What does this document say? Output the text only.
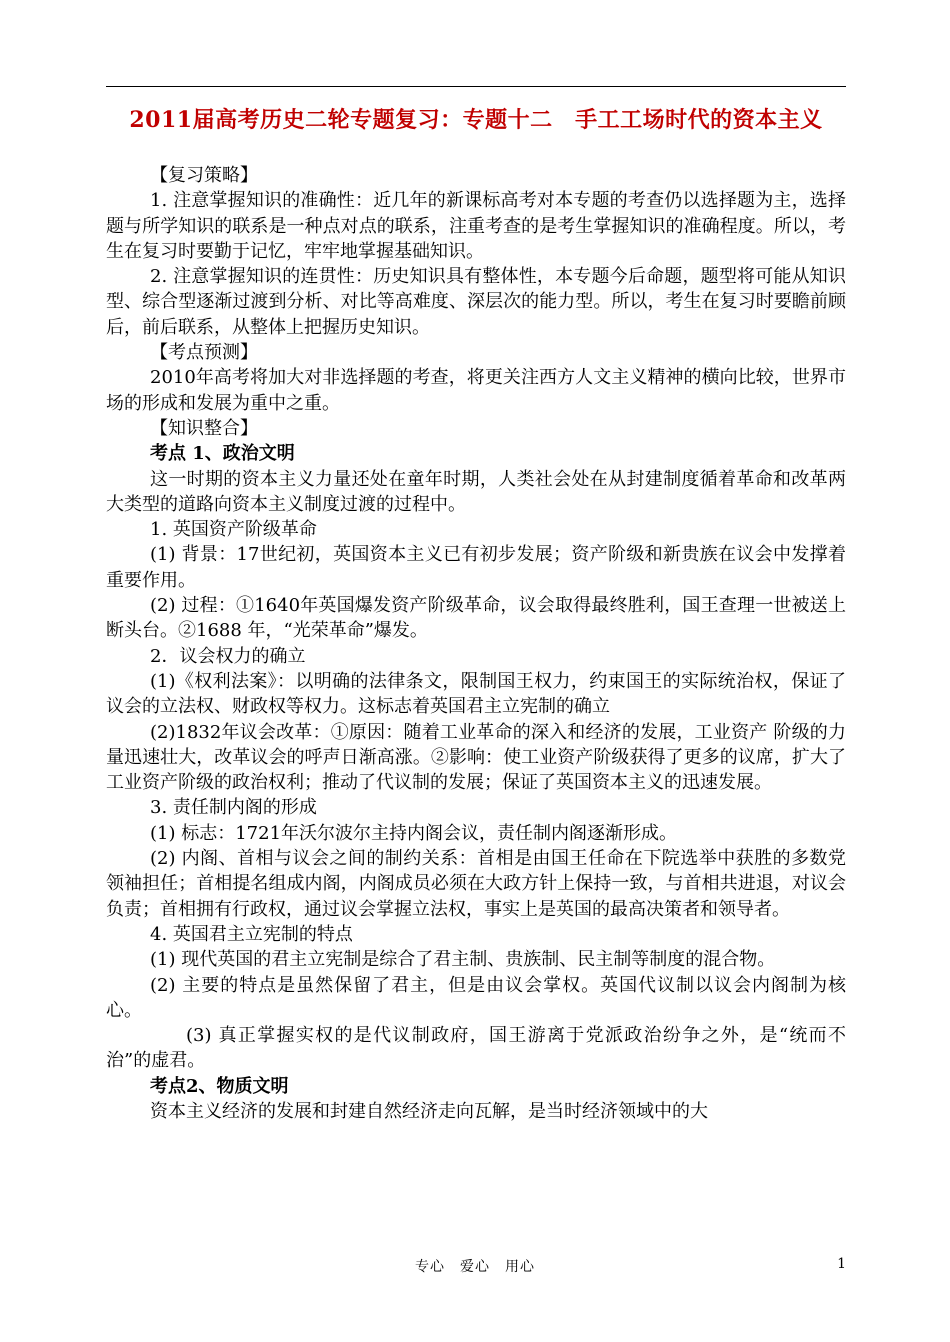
2011届高考历史二轮专题复习：专题十二　手工工场时代的资本主义

【复习策略】

1. 注意掌握知识的准确性：近几年的新课标高考对本专题的考查仍以选择题为主，选择题与所学知识的联系是一种点对点的联系，注重考查的是考生掌握知识的准确程度。所以，考生在复习时要勤于记忆，牢牢地掌握基础知识。

2. 注意掌握知识的连贯性：历史知识具有整体性，本专题今后命题，题型将可能从知识型、综合型逐渐过渡到分析、对比等高难度、深层次的能力型。所以，考生在复习时要瞻前顾后，前后联系，从整体上把握历史知识。

【考点预测】

2010年高考将加大对非选择题的考查，将更关注西方人文主义精神的横向比较，世界市场的形成和发展为重中之重。

【知识整合】

考点 1、政治文明

这一时期的资本主义力量还处在童年时期，人类社会处在从封建制度循着革命和改革两大类型的道路向资本主义制度过渡的过程中。

1. 英国资产阶级革命

(1) 背景：17世纪初，英国资本主义已有初步发展；资产阶级和新贵族在议会中发撑着重要作用。

(2) 过程：①1640年英国爆发资产阶级革命，议会取得最终胜利，国王查理一世被送上断头台。②1688 年，“光荣革命”爆发。

2．议会权力的确立

(1)《权利法案》：以明确的法律条文，限制国王权力，约束国王的实际统治权，保证了议会的立法权、财政权等权力。这标志着英国君主立宪制的确立

(2)1832年议会改革：①原因：随着工业革命的深入和经济的发展，工业资产 阶级的力量迅速壮大，改革议会的呼声日渐高涨。②影响：使工业资产阶级获得了更多的议席，扩大了工业资产阶级的政治权利；推动了代议制的发展；保证了英国资本主义的迅速发展。

3. 责任制内阁的形成

(1) 标志：1721年沃尔波尔主持内阁会议，责任制内阁逐渐形成。

(2) 内阁、首相与议会之间的制约关系：首相是由国王任命在下院选举中获胜的多数党领袖担任；首相提名组成内阁，内阁成员必须在大政方针上保持一致，与首相共进退，对议会负责；首相拥有行政权，通过议会掌握立法权，事实上是英国的最高决策者和领导者。

4. 英国君主立宪制的特点

(1) 现代英国的君主立宪制是综合了君主制、贵族制、民主制等制度的混合物。

(2) 主要的特点是虽然保留了君主，但是由议会掌权。英国代议制以议会内阁制为核心。

(3) 真正掌握实权的是代议制政府，国王游离于党派政治纷争之外，是“统而不治”的虚君。

考点2、物质文明

资本主义经济的发展和封建自然经济走向瓦解，是当时经济领域中的大

专心　爱心　用心	1
